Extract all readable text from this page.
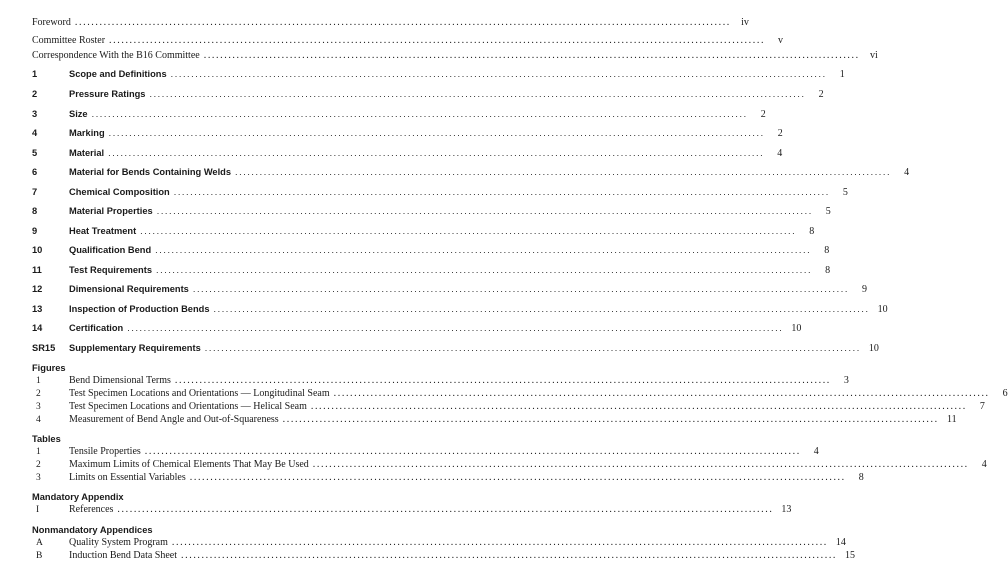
Foreword ................................................................................................................................................................	iv
Committee Roster ................................................................................................................................................................	v
Correspondence With the B16 Committee ................................................................................................................................................................	vi
1	Scope and Definitions ................................................................................................................................................................	1
2	Pressure Ratings ................................................................................................................................................................	2
3	Size ................................................................................................................................................................	2
4	Marking ................................................................................................................................................................	2
5	Material ................................................................................................................................................................	4
6	Material for Bends Containing Welds ................................................................................................................................................................	4
7	Chemical Composition ................................................................................................................................................................	5
8	Material Properties ................................................................................................................................................................	5
9	Heat Treatment ................................................................................................................................................................	8
10	Qualification Bend ................................................................................................................................................................	8
11	Test Requirements ................................................................................................................................................................	8
12	Dimensional Requirements ................................................................................................................................................................	9
13	Inspection of Production Bends ................................................................................................................................................................ 10
14	Certification ................................................................................................................................................................ 10
SR15	Supplementary Requirements ................................................................................................................................................................ 10
Figures
1	Bend Dimensional Terms ................................................................................................................................................................	3
2	Test Specimen Locations and Orientations — Longitudinal Seam ................................................................................................................................................................	6
3	Test Specimen Locations and Orientations — Helical Seam ................................................................................................................................................................	7
4	Measurement of Bend Angle and Out-of-Squareness ................................................................................................................................................................ 11
Tables
1	Tensile Properties ................................................................................................................................................................	4
2	Maximum Limits of Chemical Elements That May Be Used ................................................................................................................................................................	4
3	Limits on Essential Variables ................................................................................................................................................................	8
Mandatory Appendix
I	References ................................................................................................................................................................ 13
Nonmandatory Appendices
A	Quality System Program ................................................................................................................................................................ 14
B	Induction Bend Data Sheet ................................................................................................................................................................ 15
